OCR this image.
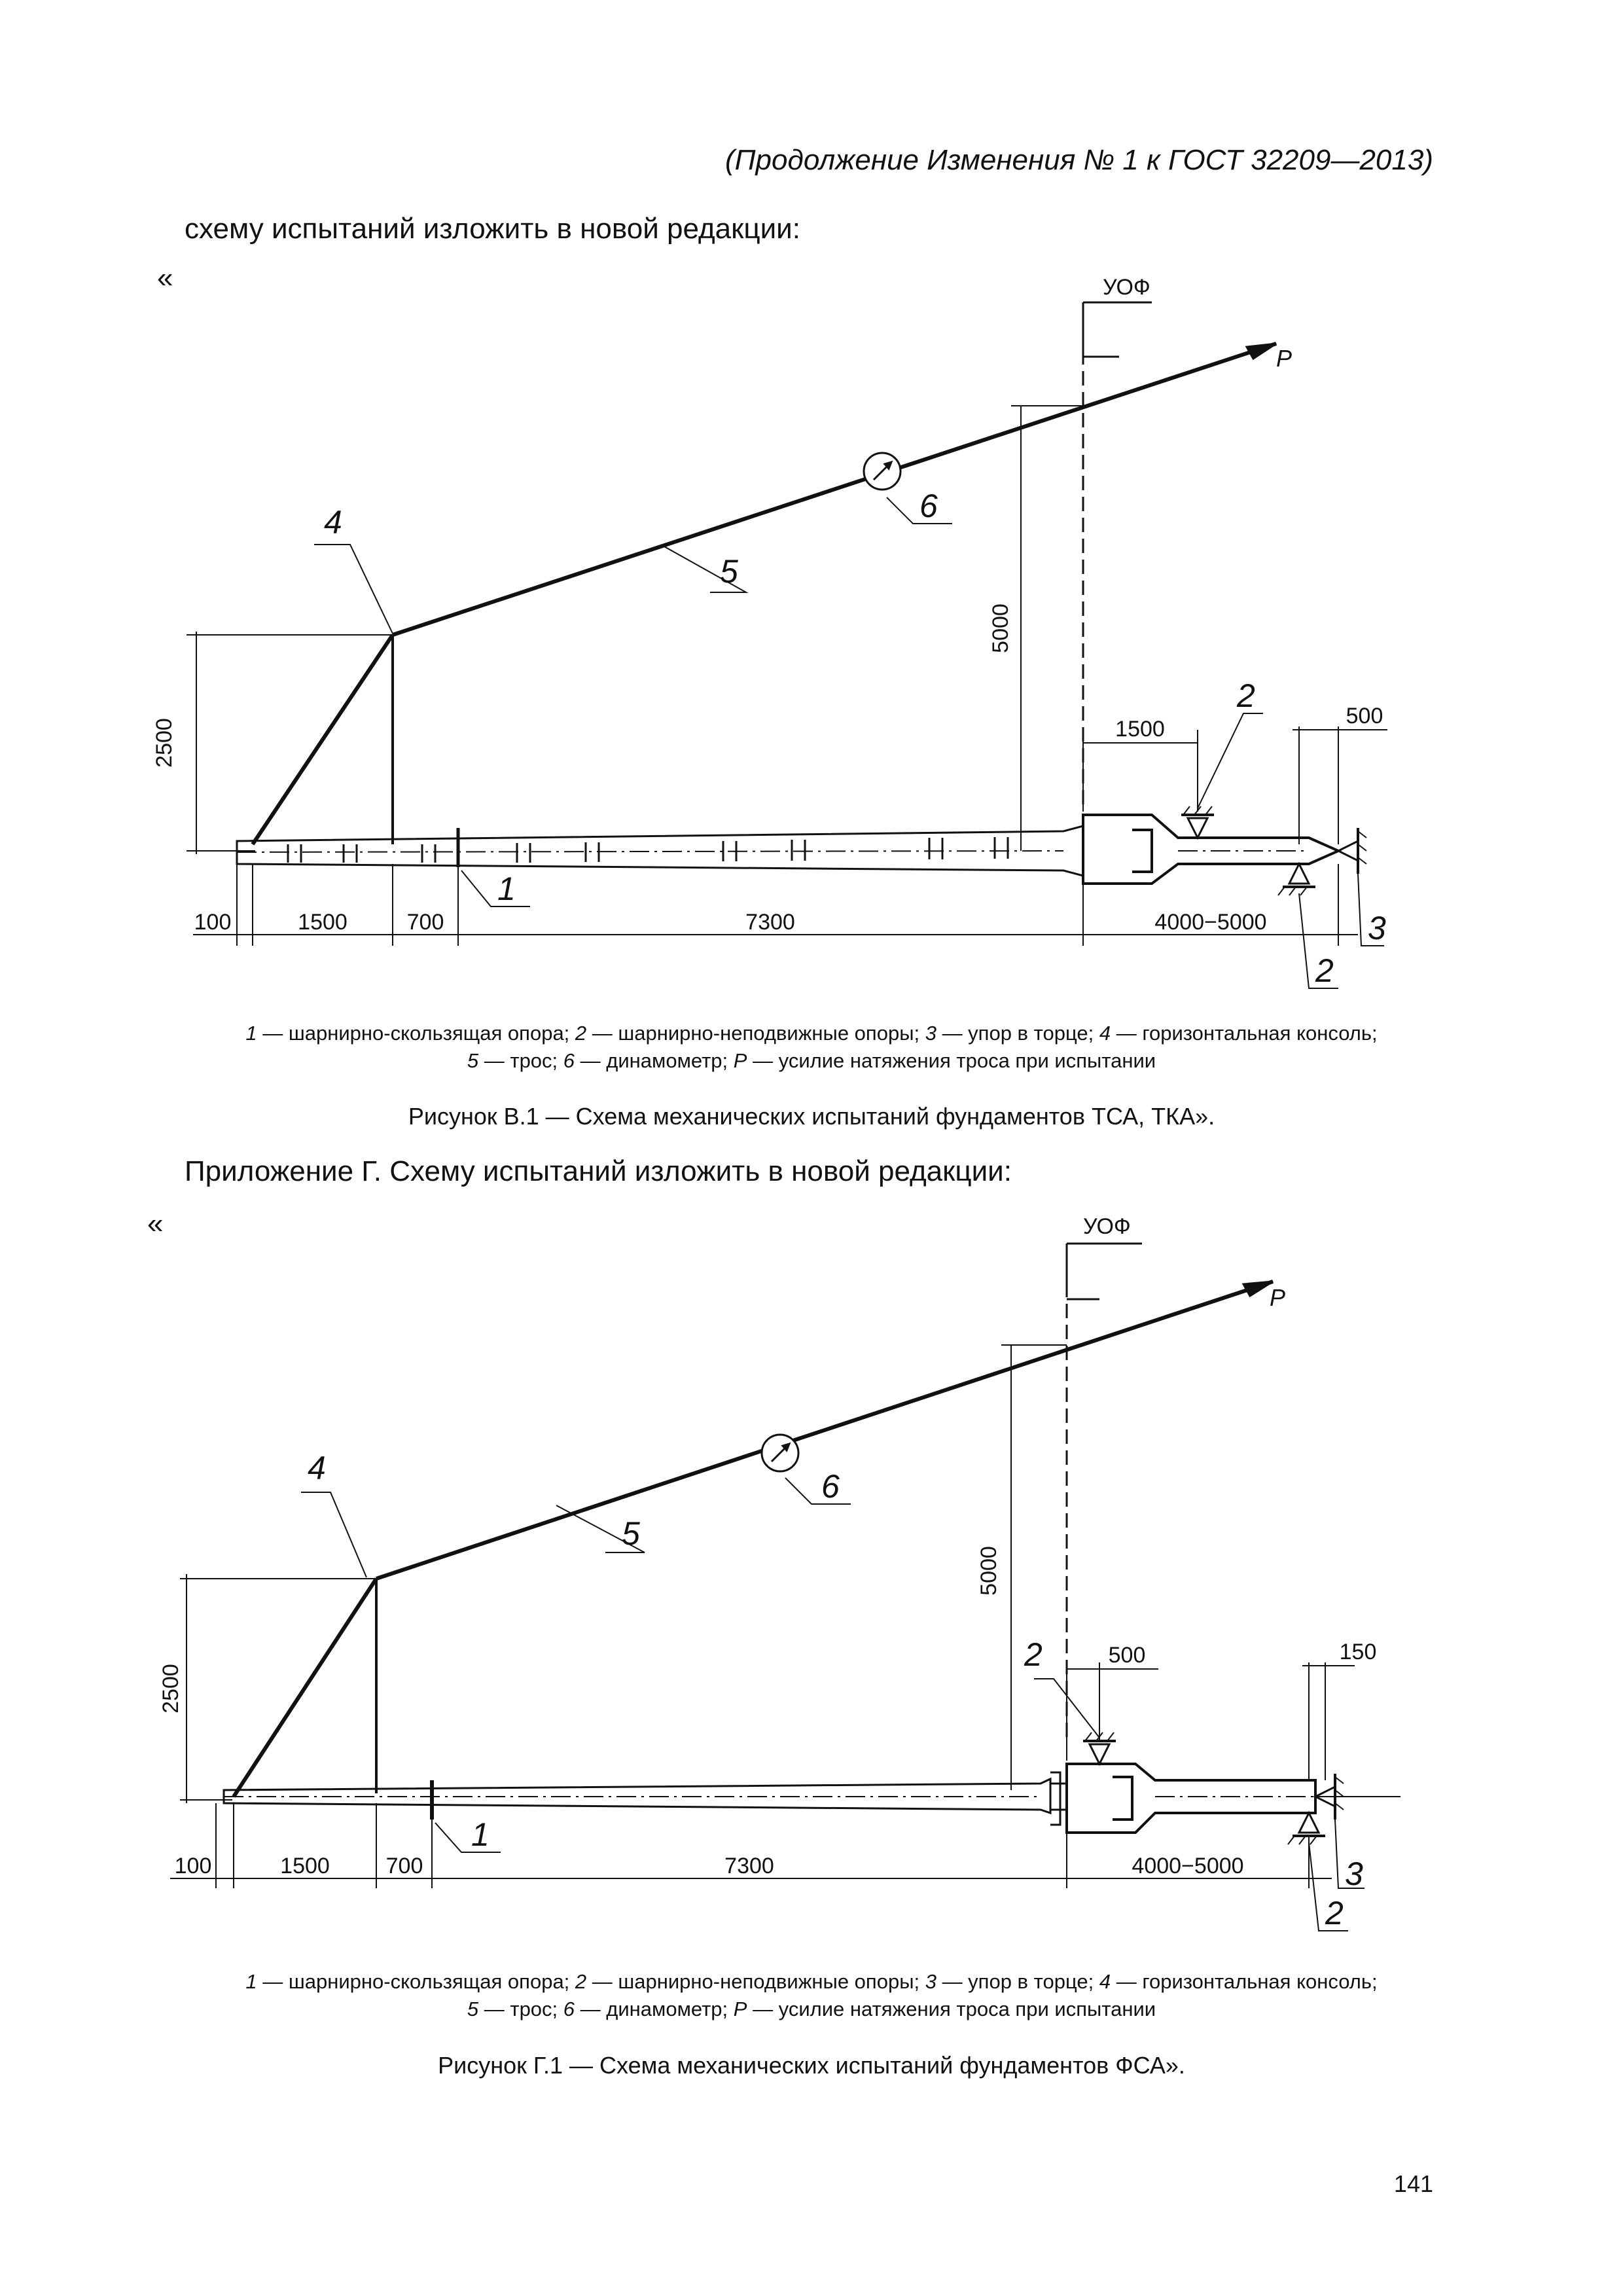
(Продолжение Изменения № 1 к ГОСТ 32209—2013)
схему испытаний изложить в новой редакции:
«	УОФ
P
2500
5000
100	1500	700	7300	4000−5000
1500
500
1
2
2
3
4
5
6
1 — шарнирно-скользящая опора; 2 — шарнирно-неподвижные опоры; 3 — упор в торце; 4 — горизонтальная консоль;
5 — трос; 6 — динамометр; P — усилие натяжения троса при испытании
Рисунок В.1 — Схема механических испытаний фундаментов ТСА, ТКА».
Приложение Г. Схему испытаний изложить в новой редакции:
«	УОФ
P
2500
5000
100	1500	700	7300	4000−5000
500	150
1
2
2
3
4
5
6
1 — шарнирно-скользящая опора; 2 — шарнирно-неподвижные опоры; 3 — упор в торце; 4 — горизонтальная консоль;
5 — трос; 6 — динамометр; P — усилие натяжения троса при испытании
Рисунок Г.1 — Схема механических испытаний фундаментов ФСА».
141
